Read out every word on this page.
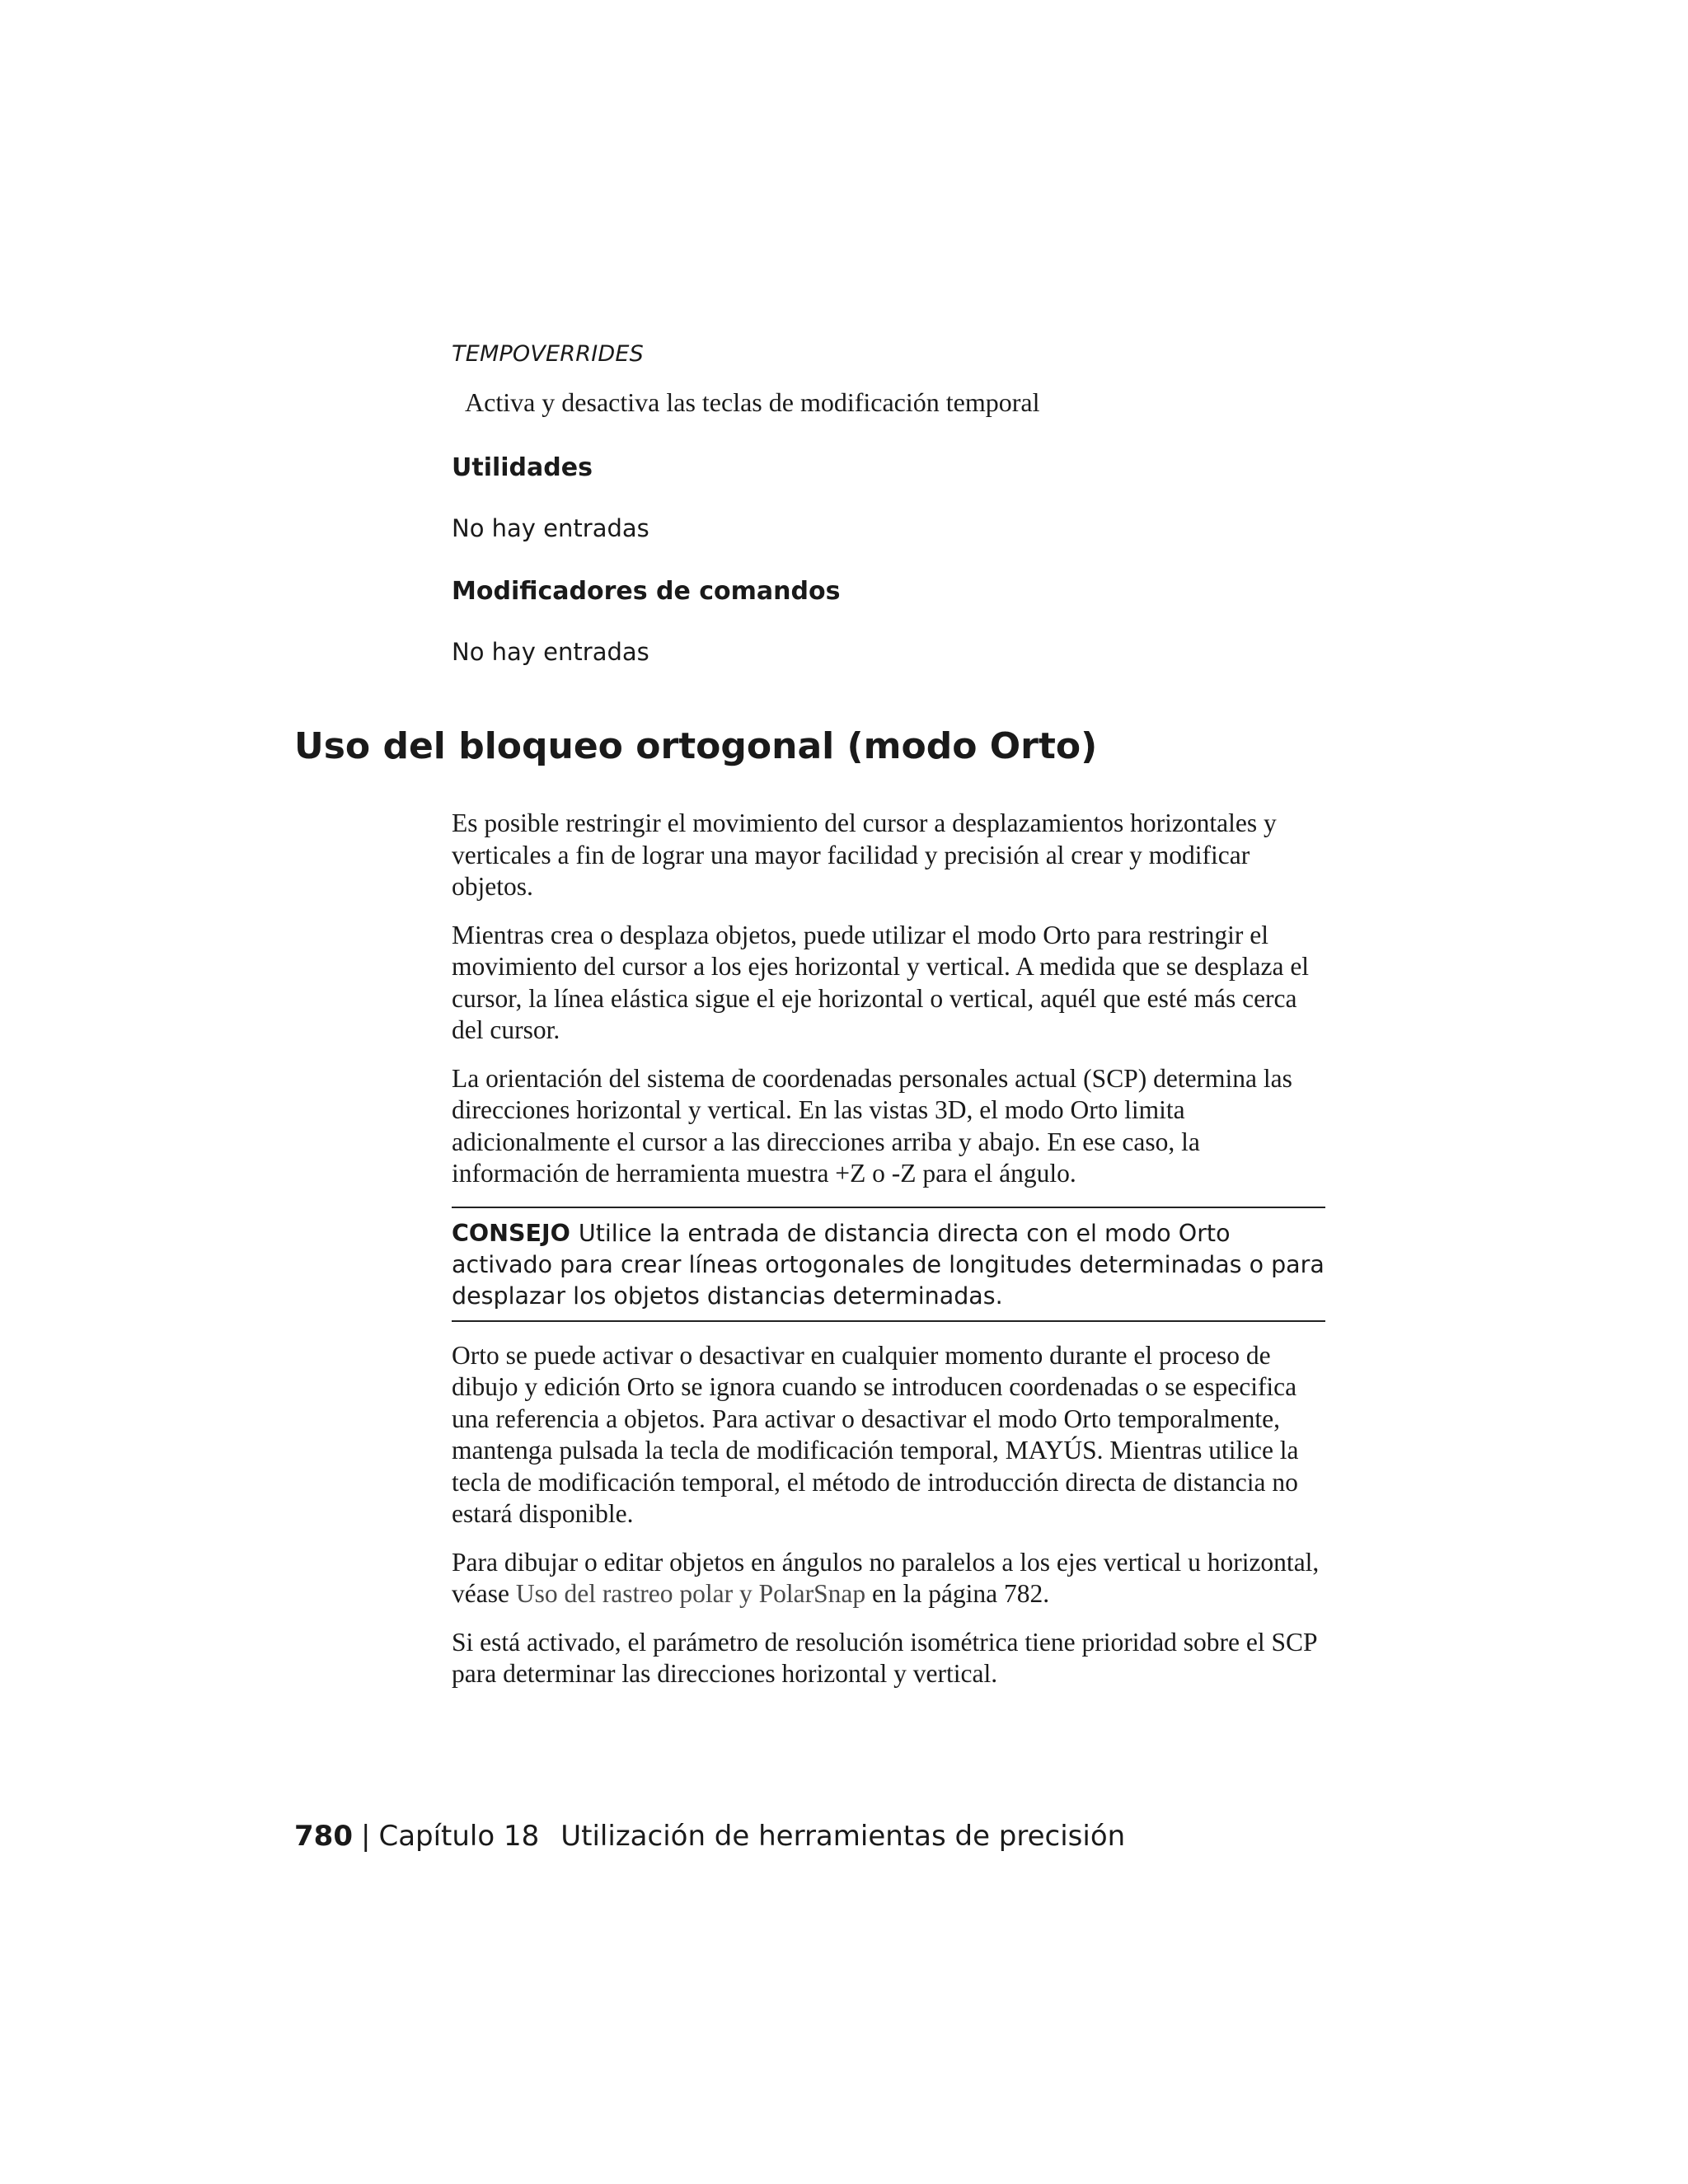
TEMPOVERRIDES
Activa y desactiva las teclas de modificación temporal
Utilidades
No hay entradas
Modificadores de comandos
No hay entradas
Uso del bloqueo ortogonal (modo Orto)

Es posible restringir el movimiento del cursor a desplazamientos horizontales y verticales a fin de lograr una mayor facilidad y precisión al crear y modificar objetos.

Mientras crea o desplaza objetos, puede utilizar el modo Orto para restringir el movimiento del cursor a los ejes horizontal y vertical. A medida que se desplaza el cursor, la línea elástica sigue el eje horizontal o vertical, aquél que esté más cerca del cursor.

La orientación del sistema de coordenadas personales actual (SCP) determina las direcciones horizontal y vertical. En las vistas 3D, el modo Orto limita adicionalmente el cursor a las direcciones arriba y abajo. En ese caso, la información de herramienta muestra +Z o -Z para el ángulo.

CONSEJO Utilice la entrada de distancia directa con el modo Orto activado para crear líneas ortogonales de longitudes determinadas o para desplazar los objetos distancias determinadas.

Orto se puede activar o desactivar en cualquier momento durante el proceso de dibujo y edición Orto se ignora cuando se introducen coordenadas o se especifica una referencia a objetos. Para activar o desactivar el modo Orto temporalmente, mantenga pulsada la tecla de modificación temporal, MAYÚS. Mientras utilice la tecla de modificación temporal, el método de introducción directa de distancia no estará disponible.

Para dibujar o editar objetos en ángulos no paralelos a los ejes vertical u horizontal, véase Uso del rastreo polar y PolarSnap en la página 782.

Si está activado, el parámetro de resolución isométrica tiene prioridad sobre el SCP para determinar las direcciones horizontal y vertical.

780 | Capítulo 18 Utilización de herramientas de precisión
